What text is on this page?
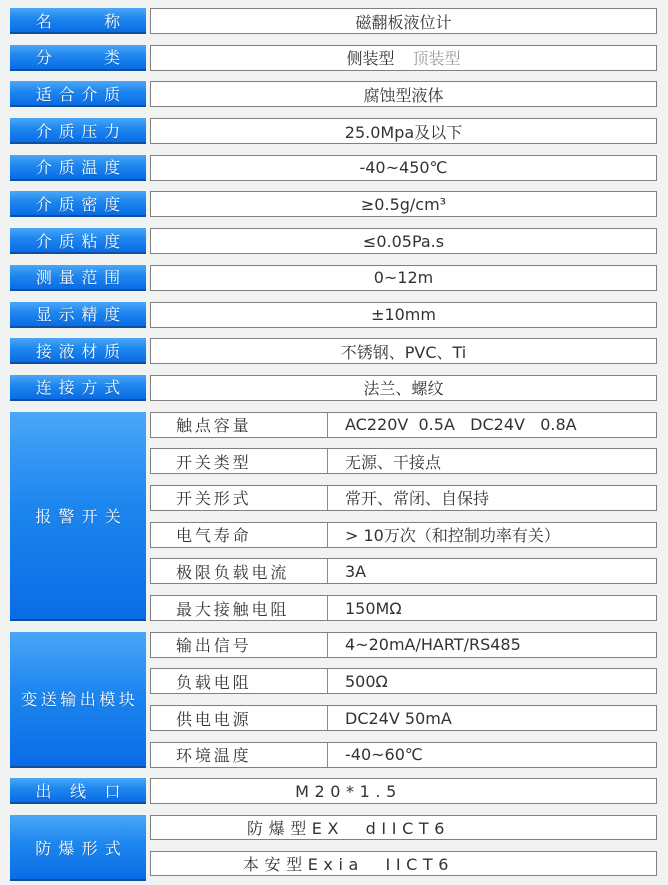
名　　称	磁翻板液位计
分　　类	侧装型 顶装型
适合介质	腐蚀型液体
介质压力	25.0Mpa及以下
介质温度	-40~450℃
介质密度	≥0.5g/cm³
介质粘度	≤0.05Pa.s
测量范围	0~12m
显示精度	±10mm
接液材质	不锈钢、PVC、Ti
连接方式	法兰、螺纹
报警开关
触点容量	AC220V  0.5A   DC24V   0.8A
开关类型	无源、干接点
开关形式	常开、常闭、自保持
电气寿命	> 10万次（和控制功率有关）
极限负载电流	3A
最大接触电阻	150MΩ
变送输出模块
输出信号	4~20mA/HART/RS485
负载电阻	500Ω
供电电源	DC24V 50mA
环境温度	-40~60℃
出 线 口	M20*1.5
防爆形式
防爆型EX　dIICT6
本安型Exia　IICT6
